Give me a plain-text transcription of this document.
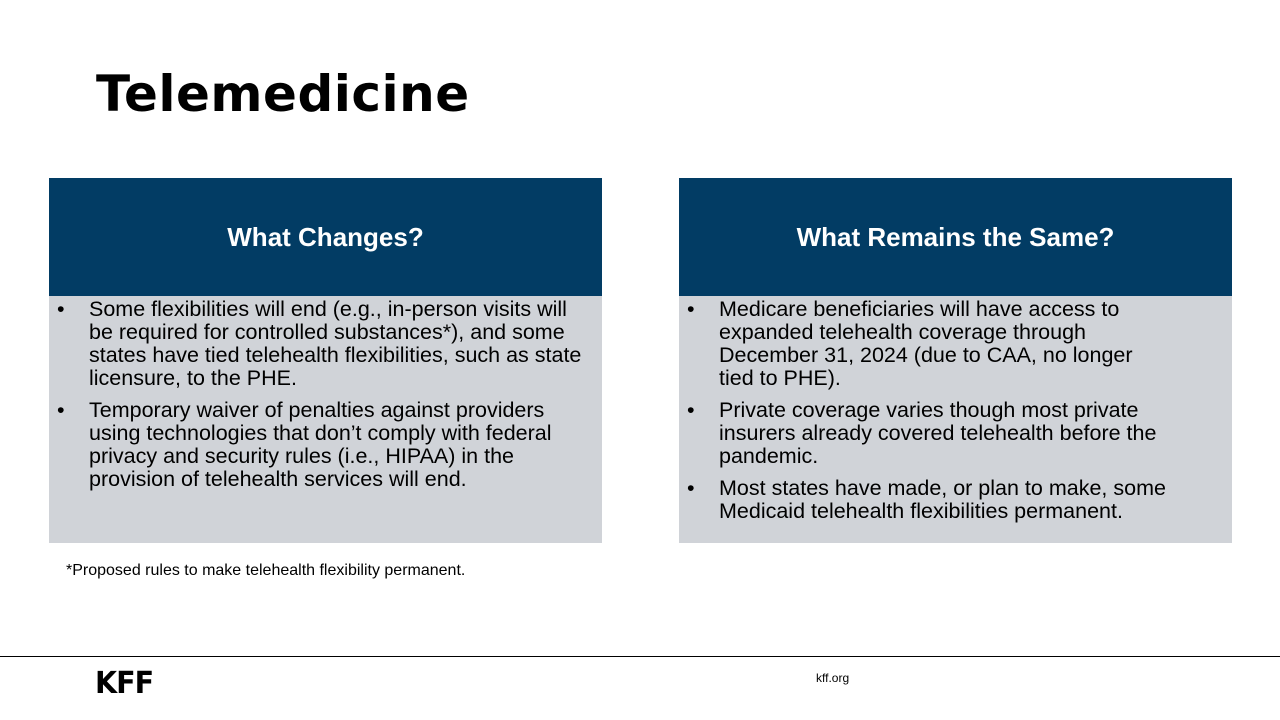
Telemedicine
What Changes?
•	Some flexibilities will end (e.g., in-person visits will be required for controlled substances*), and some states have tied telehealth flexibilities, such as state licensure, to the PHE.
•	Temporary waiver of penalties against providers using technologies that don’t comply with federal privacy and security rules (i.e., HIPAA) in the provision of telehealth services will end.
What Remains the Same?
•	Medicare beneficiaries will have access to expanded telehealth coverage through December 31, 2024 (due to CAA, no longer tied to PHE).
•	Private coverage varies though most private insurers already covered telehealth before the pandemic.
•	Most states have made, or plan to make, some Medicaid telehealth flexibilities permanent.
*Proposed rules to make telehealth flexibility permanent.
KFF	kff.org
